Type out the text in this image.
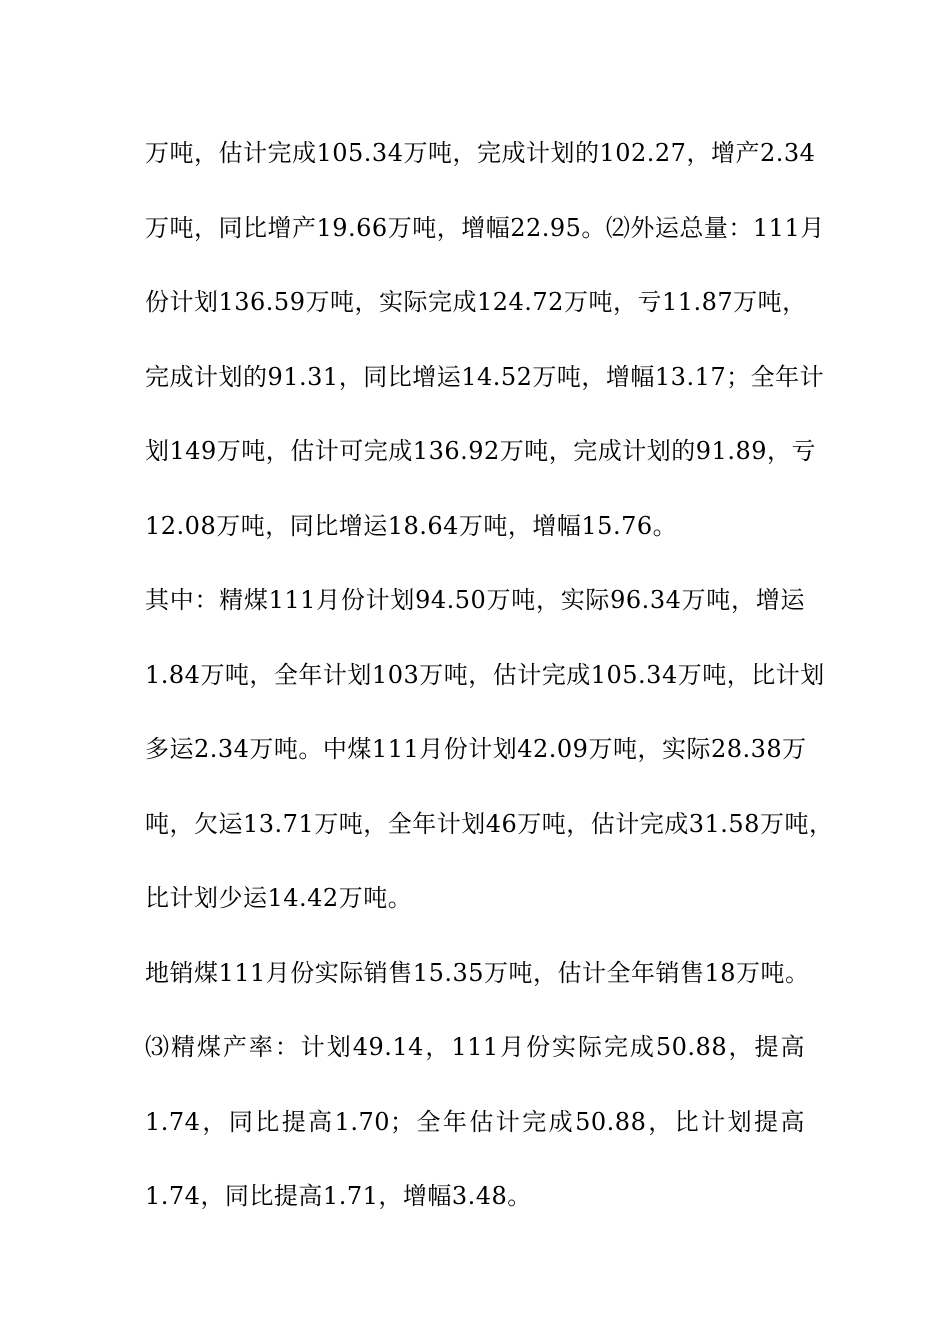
万吨，估计完成105.34万吨，完成计划的102.27，增产2.34
万吨，同比增产19.66万吨，增幅22.95。⑵外运总量：111月
份计划136.59万吨，实际完成124.72万吨，亏11.87万吨，
完成计划的91.31，同比增运14.52万吨，增幅13.17；全年计
划149万吨，估计可完成136.92万吨，完成计划的91.89，亏
12.08万吨，同比增运18.64万吨，增幅15.76。
其中：精煤111月份计划94.50万吨，实际96.34万吨，增运
1.84万吨，全年计划103万吨，估计完成105.34万吨，比计划
多运2.34万吨。中煤111月份计划42.09万吨，实际28.38万
吨，欠运13.71万吨，全年计划46万吨，估计完成31.58万吨，
比计划少运14.42万吨。
地销煤111月份实际销售15.35万吨，估计全年销售18万吨。
⑶精煤产率：计划49.14，111月份实际完成50.88，提高
1.74，同比提高1.70；全年估计完成50.88，比计划提高
1.74，同比提高1.71，增幅3.48。
